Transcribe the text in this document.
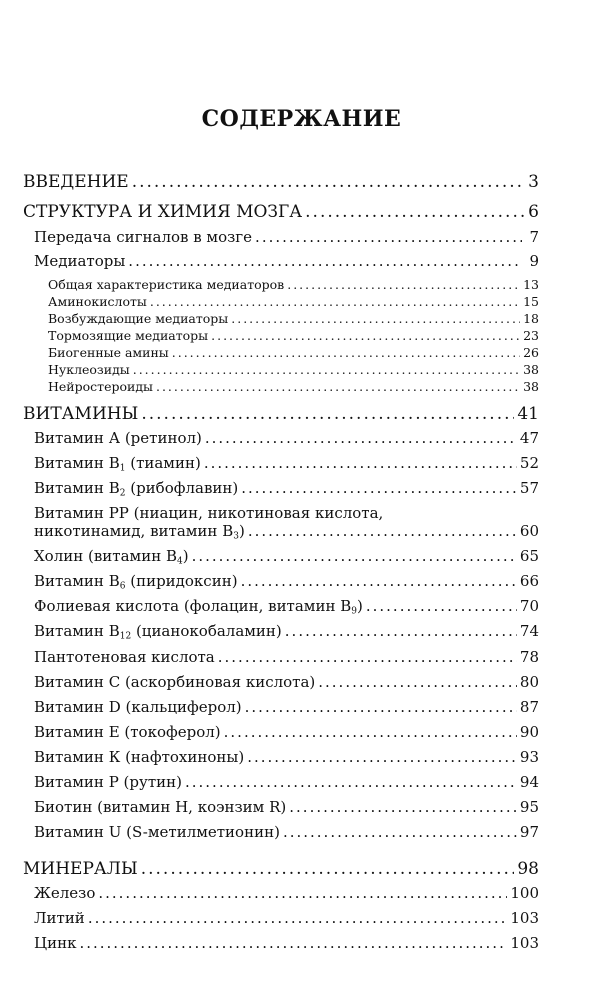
СОДЕРЖАНИЕ
ВВЕДЕНИЕ .....	3
СТРУКТУРА И ХИМИЯ МОЗГА .....	6
Передача сигналов в мозге .....	7
Медиаторы .....	9
Общая характеристика медиаторов .....	13
Аминокислоты .....	15
Возбуждающие медиаторы .....	18
Тормозящие медиаторы .....	23
Биогенные амины .....	26
Нуклеозиды .....	38
Нейростероиды .....	38
ВИТАМИНЫ .....	41
Витамин А (ретинол) .....	47
Витамин $В_1$ (тиамин) .....	52
Витамин $В_2$ (рибофлавин) .....	57
Витамин РР (ниацин, никотиновая кислота,
никотинамид, витамин $В_3$) .....	60
Холин (витамин $В_4$) .....	65
Витамин $В_6$ (пиридоксин) .....	66
Фолиевая кислота (фолацин, витамин $В_9$) .....	70
Витамин $В_{12}$ (цианокобаламин) .....	74
Пантотеновая кислота .....	78
Витамин С (аскорбиновая кислота) .....	80
Витамин D (кальциферол) .....	87
Витамин Е (токоферол) .....	90
Витамин К (нафтохиноны) .....	93
Витамин Р (рутин) .....	94
Биотин (витамин Н, коэнзим R) .....	95
Витамин U (S-метилметионин) .....	97
МИНЕРАЛЫ .....	98
Железо .....	100
Литий .....	103
Цинк .....	103
